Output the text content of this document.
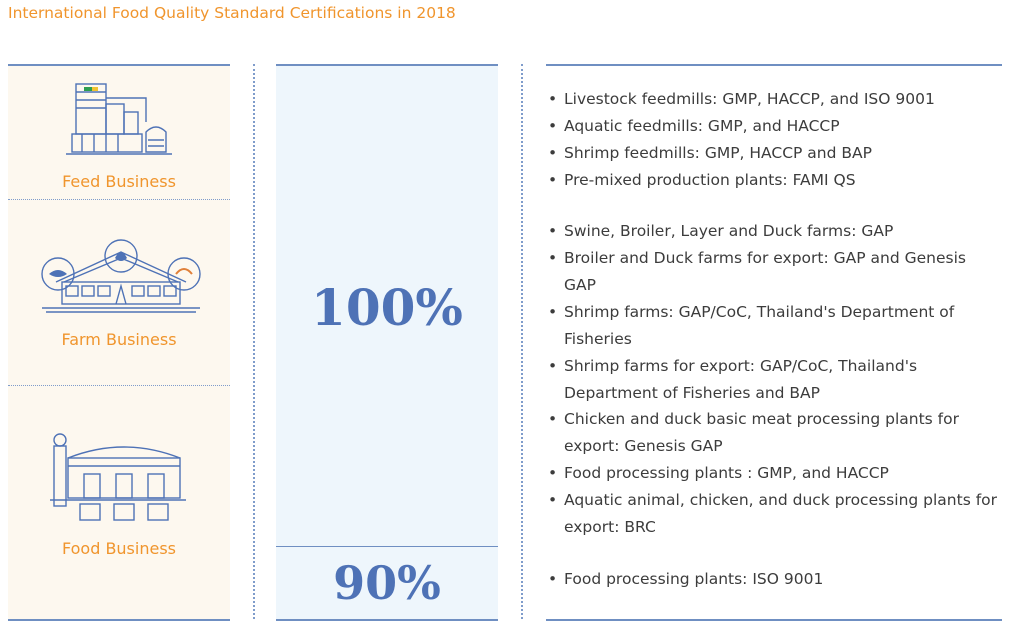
International Food Quality Standard Certifications in 2018
Feed Business
Farm Business
Food Business
100%
90%
• Livestock feedmills: GMP, HACCP, and ISO 9001
• Aquatic feedmills: GMP, and HACCP
• Shrimp feedmills: GMP, HACCP and BAP
• Pre-mixed production plants: FAMI QS
• Swine, Broiler, Layer and Duck farms: GAP
• Broiler and Duck farms for export: GAP and Genesis GAP
• Shrimp farms: GAP/CoC, Thailand's Department of Fisheries
• Shrimp farms for export: GAP/CoC, Thailand's Department of Fisheries and BAP
• Chicken and duck basic meat processing plants for export: Genesis GAP
• Food processing plants : GMP, and HACCP
• Aquatic animal, chicken, and duck processing plants for export: BRC
• Food processing plants: ISO 9001
